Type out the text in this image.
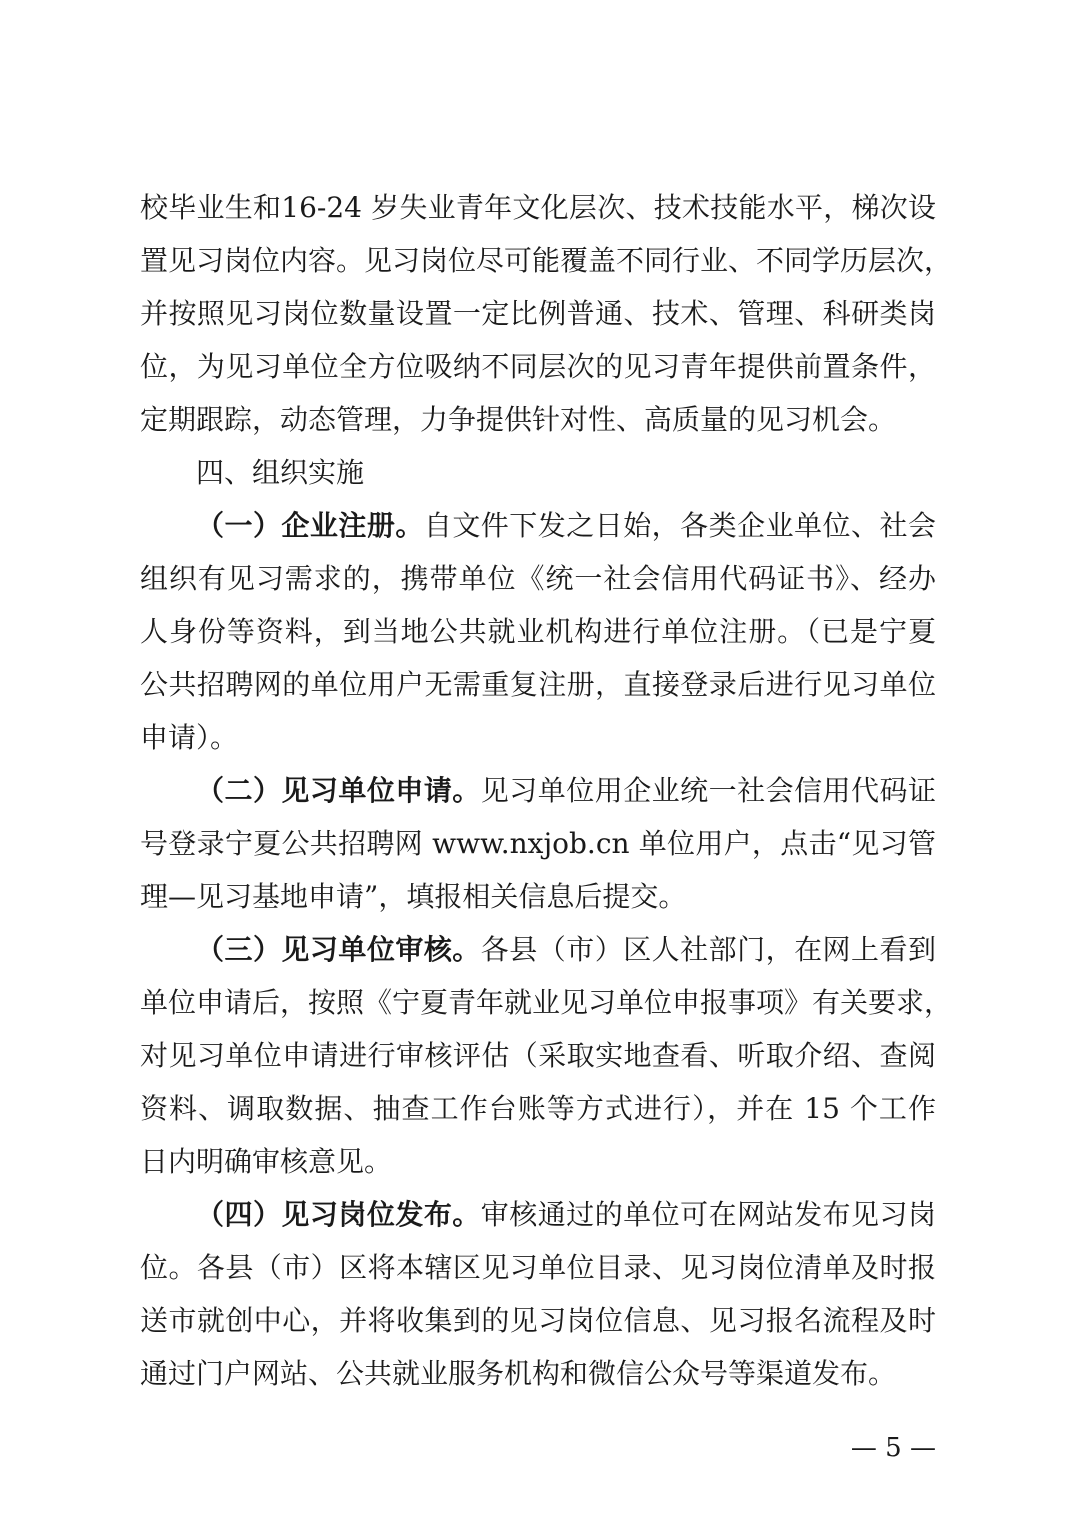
校毕业生和16-24 岁失业青年文化层次、技术技能水平，梯次设
置见习岗位内容。见习岗位尽可能覆盖不同行业、不同学历层次，
并按照见习岗位数量设置一定比例普通、技术、管理、科研类岗
位，为见习单位全方位吸纳不同层次的见习青年提供前置条件，
定期跟踪，动态管理，力争提供针对性、高质量的见习机会。
四、组织实施
（一）企业注册。自文件下发之日始，各类企业单位、社会
组织有见习需求的，携带单位《统一社会信用代码证书》、经办
人身份等资料，到当地公共就业机构进行单位注册。（已是宁夏
公共招聘网的单位用户无需重复注册，直接登录后进行见习单位
申请）。
（二）见习单位申请。见习单位用企业统一社会信用代码证
号登录宁夏公共招聘网 www.nxjob.cn 单位用户，点击“见习管
理—见习基地申请”，填报相关信息后提交。
（三）见习单位审核。各县（市）区人社部门，在网上看到
单位申请后，按照《宁夏青年就业见习单位申报事项》有关要求，
对见习单位申请进行审核评估（采取实地查看、听取介绍、查阅
资料、调取数据、抽查工作台账等方式进行），并在 15 个工作
日内明确审核意见。
（四）见习岗位发布。审核通过的单位可在网站发布见习岗
位。各县（市）区将本辖区见习单位目录、见习岗位清单及时报
送市就创中心，并将收集到的见习岗位信息、见习报名流程及时
通过门户网站、公共就业服务机构和微信公众号等渠道发布。
— 5 —
